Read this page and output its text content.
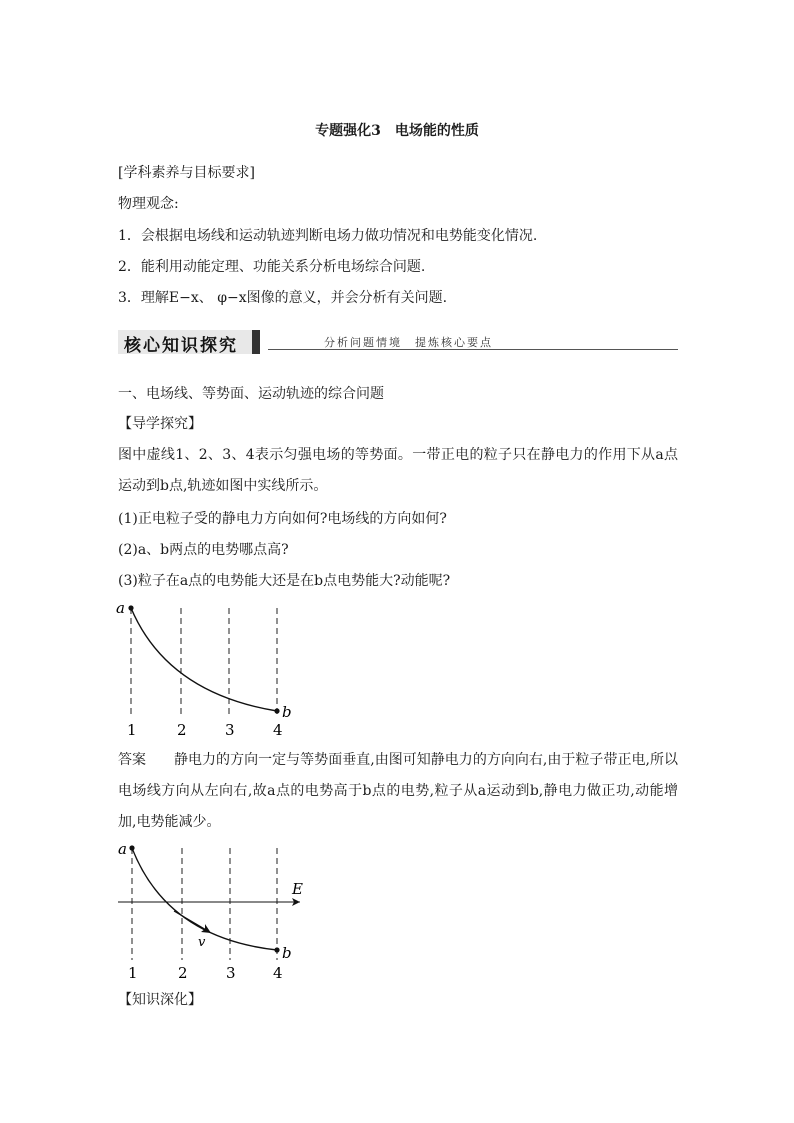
专题强化3　电场能的性质
[学科素养与目标要求]
物理观念:
1．会根据电场线和运动轨迹判断电场力做功情况和电势能变化情况.
2．能利用动能定理、功能关系分析电场综合问题.
3．理解E−x、 φ−x图像的意义，并会分析有关问题.
核心知识探究	分析问题情境　提炼核心要点
一、电场线、等势面、运动轨迹的综合问题
【导学探究】
图中虚线1、2、3、4表示匀强电场的等势面。一带正电的粒子只在静电力的作用下从a点运动到b点,轨迹如图中实线所示。
(1)正电粒子受的静电力方向如何?电场线的方向如何?
(2)a、b两点的电势哪点高?
(3)粒子在a点的电势能大还是在b点电势能大?动能呢?
a
b
1	2	3	4
答案	静电力的方向一定与等势面垂直,由图可知静电力的方向向右,由于粒子带正电,所以电场线方向从左向右,故a点的电势高于b点的电势,粒子从a运动到b,静电力做正功,动能增加,电势能减少。
a
b
E
v
1	2	3 4
【知识深化】
